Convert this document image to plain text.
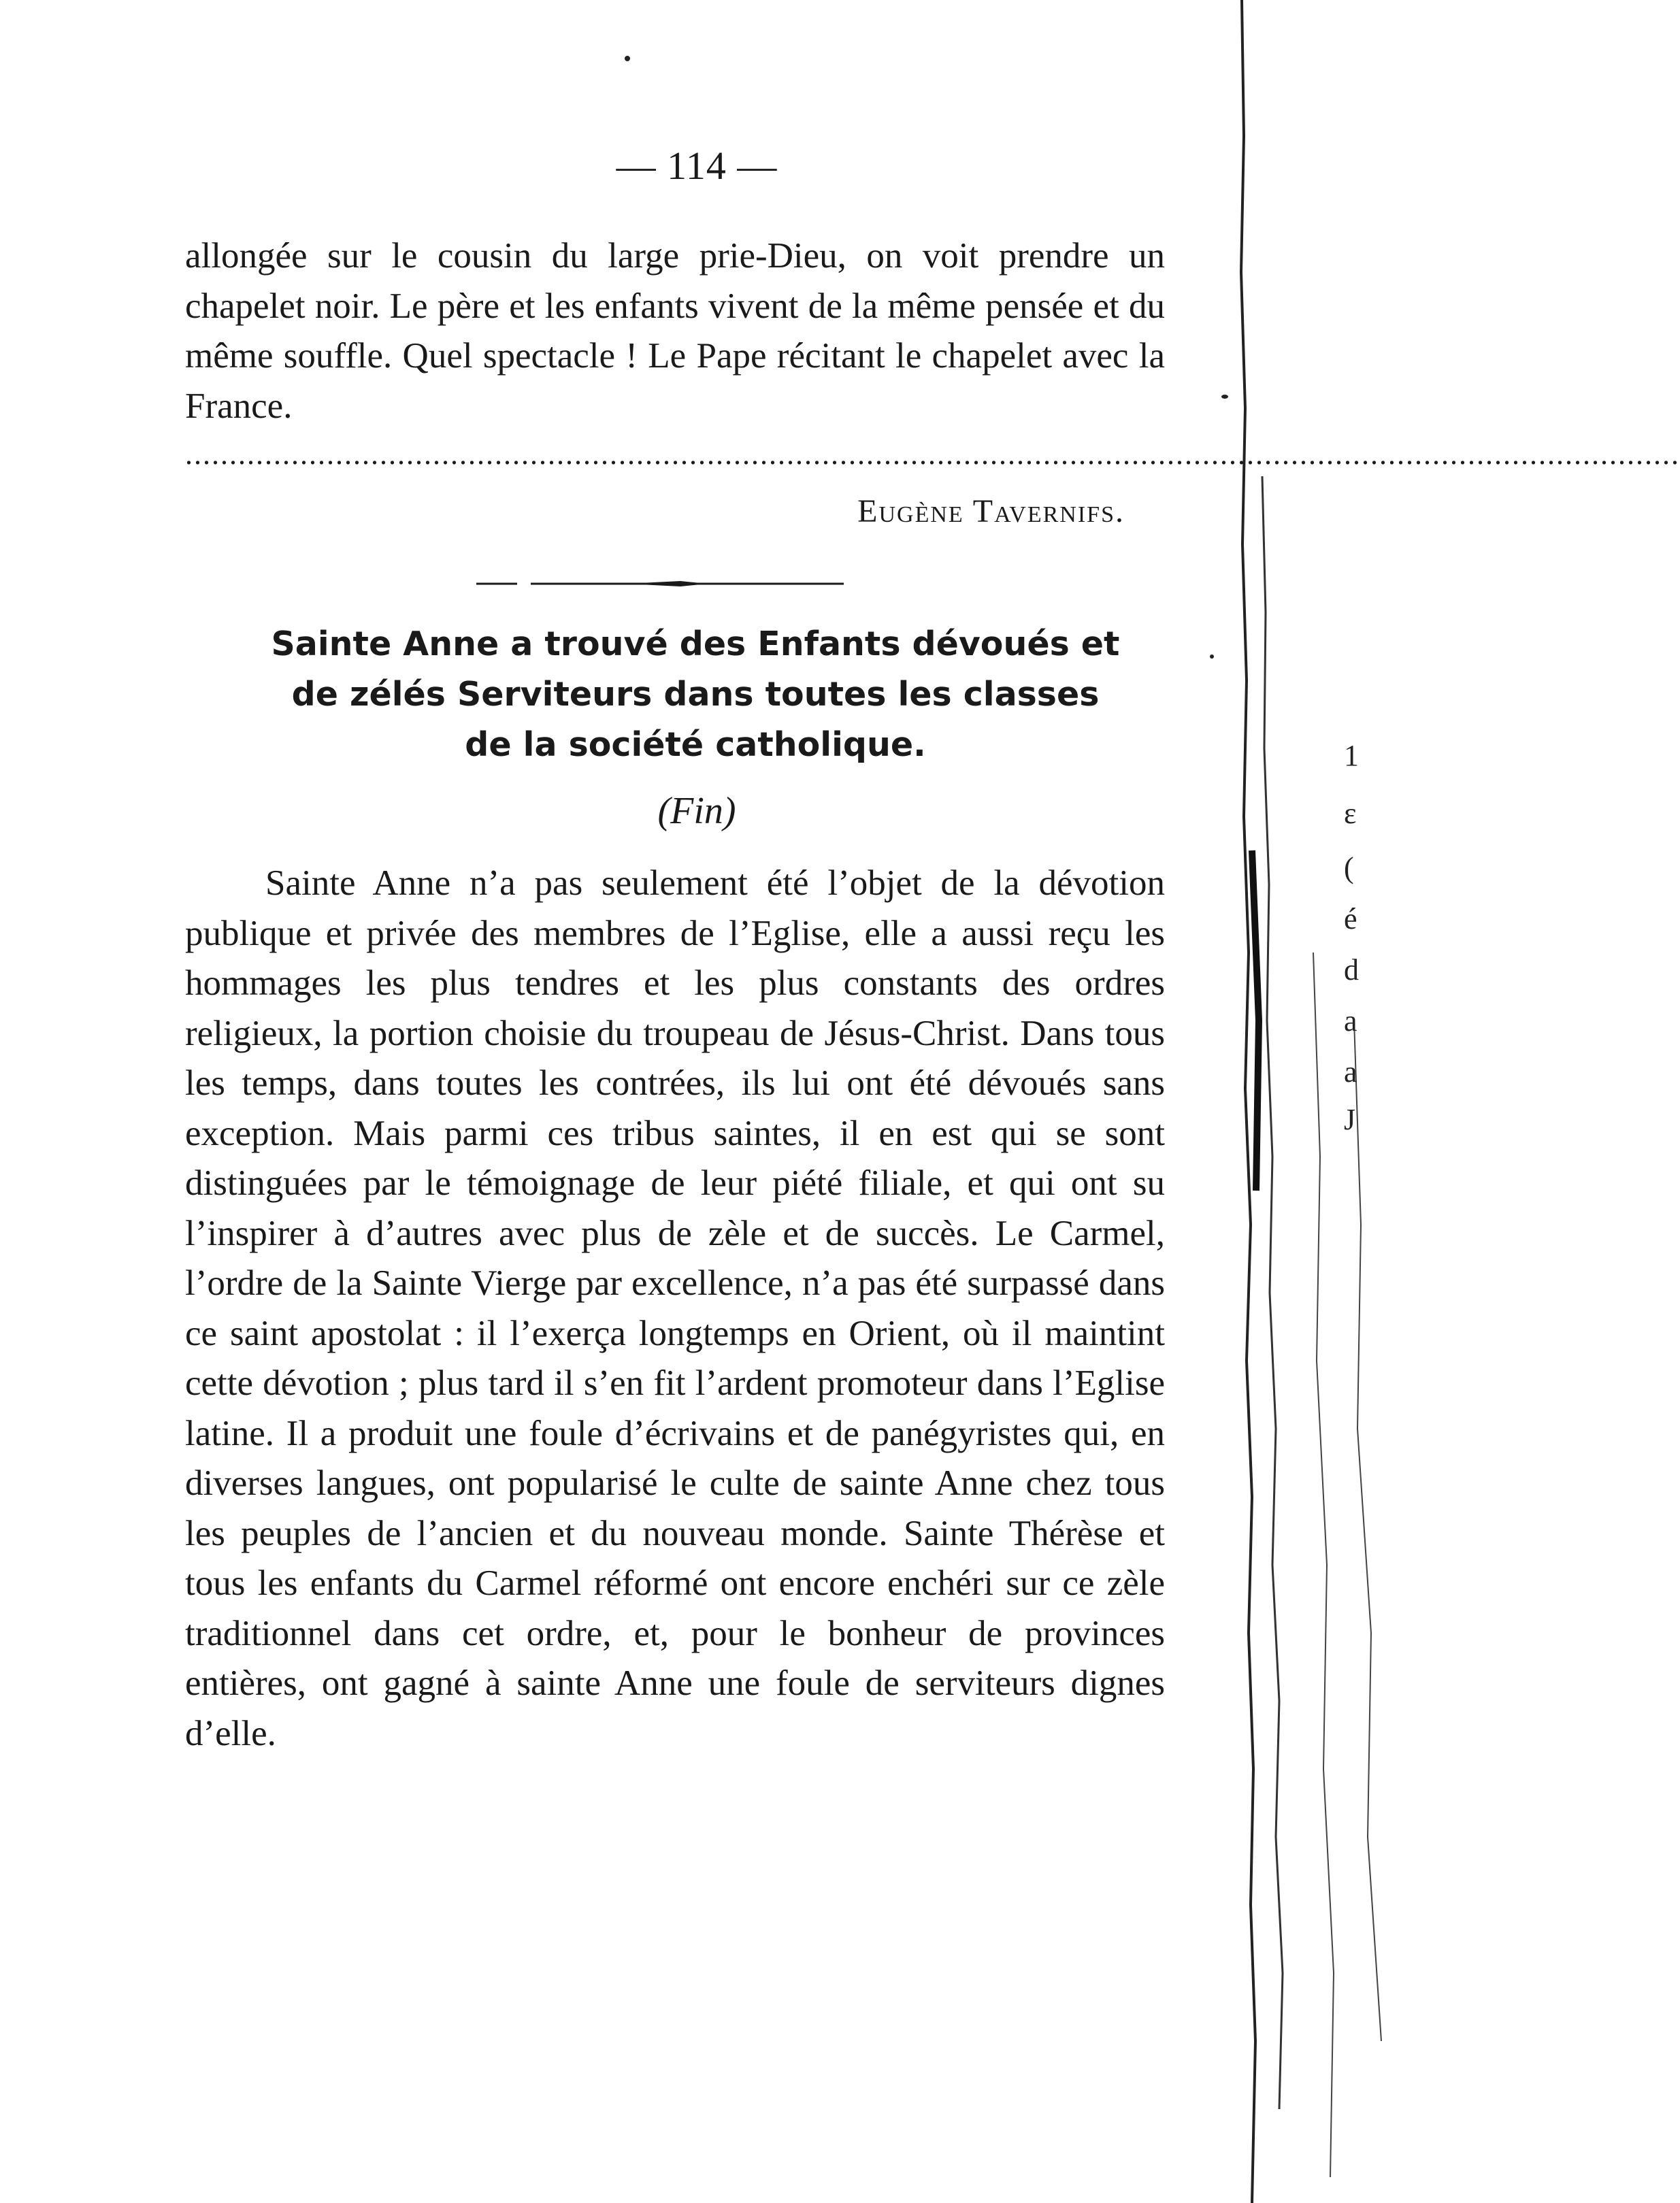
— 114 —

allongée sur le cousin du large prie-Dieu, on voit prendre un chapelet noir. Le père et les enfants vivent de la même pensée et du même souffle. Quel spectacle ! Le Pape récitant le chapelet avec la France.

.........................................................................................................................................................................
Eugène Tavernifs.
Sainte Anne a trouvé des Enfants dévoués et
de zélés Serviteurs dans toutes les classes
de la société catholique.
(Fin)

Sainte Anne n’a pas seulement été l’objet de la dévotion publique et privée des membres de l’Eglise, elle a aussi reçu les hommages les plus tendres et les plus constants des ordres religieux, la portion choisie du troupeau de Jésus-Christ. Dans tous les temps, dans toutes les contrées, ils lui ont été dévoués sans exception. Mais parmi ces tribus saintes, il en est qui se sont distinguées par le témoignage de leur piété filiale, et qui ont su l’inspirer à d’autres avec plus de zèle et de succès. Le Carmel, l’ordre de la Sainte Vierge par excellence, n’a pas été surpassé dans ce saint apostolat : il l’exerça longtemps en Orient, où il maintint cette dévotion ; plus tard il s’en fit l’ardent promoteur dans l’Eglise latine. Il a produit une foule d’écrivains et de panégyristes qui, en diverses langues, ont popularisé le culte de sainte Anne chez tous les peuples de l’ancien et du nouveau monde. Sainte Thérèse et tous les enfants du Carmel réformé ont encore enchéri sur ce zèle traditionnel dans cet ordre, et, pour le bonheur de provinces entières, ont gagné à sainte Anne une foule de serviteurs dignes d’elle.

1
ε
(
é
d
a
a
J
